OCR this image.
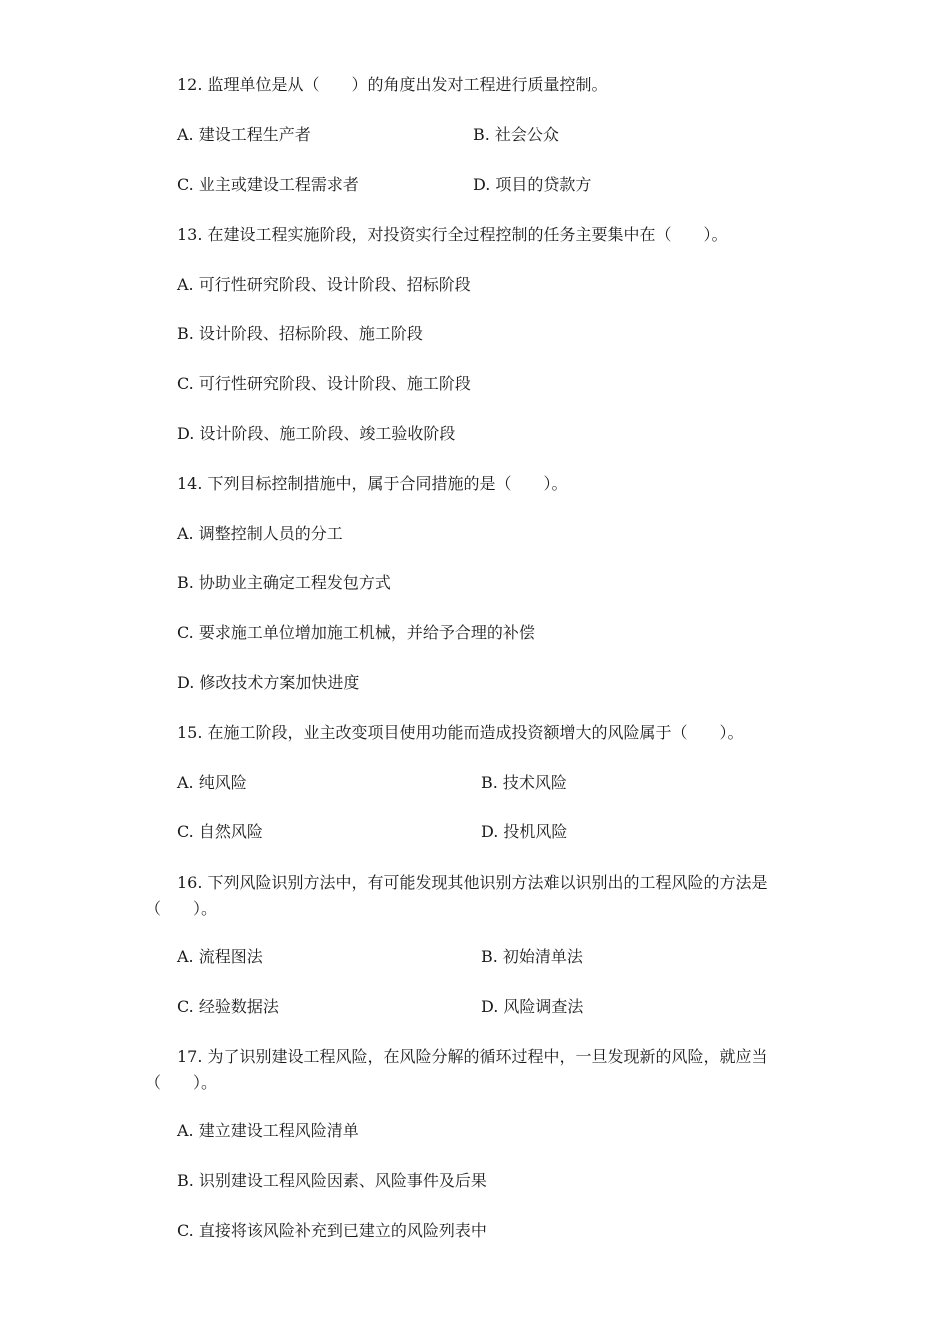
12. 监理单位是从（　　）的角度出发对工程进行质量控制。
A. 建设工程生产者	B. 社会公众
C. 业主或建设工程需求者	D. 项目的贷款方
13. 在建设工程实施阶段，对投资实行全过程控制的任务主要集中在（　　）。
A. 可行性研究阶段、设计阶段、招标阶段
B. 设计阶段、招标阶段、施工阶段
C. 可行性研究阶段、设计阶段、施工阶段
D. 设计阶段、施工阶段、竣工验收阶段
14. 下列目标控制措施中，属于合同措施的是（　　）。
A. 调整控制人员的分工
B. 协助业主确定工程发包方式
C. 要求施工单位增加施工机械，并给予合理的补偿
D. 修改技术方案加快进度
15. 在施工阶段，业主改变项目使用功能而造成投资额增大的风险属于（　　）。
A. 纯风险	B. 技术风险
C. 自然风险	D. 投机风险
16. 下列风险识别方法中，有可能发现其他识别方法难以识别出的工程风险的方法是（　　）。
A. 流程图法	B. 初始清单法
C. 经验数据法	D. 风险调查法
17. 为了识别建设工程风险，在风险分解的循环过程中，一旦发现新的风险，就应当（　　）。
A. 建立建设工程风险清单
B. 识别建设工程风险因素、风险事件及后果
C. 直接将该风险补充到已建立的风险列表中
